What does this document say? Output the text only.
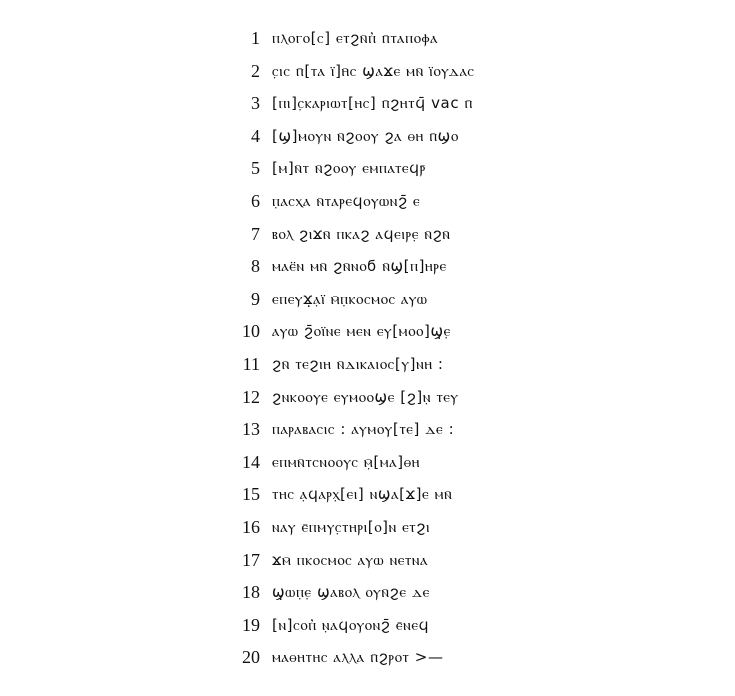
1 ⲡⲗⲟⲅⲟ[ⲥ] ⲉⲧϩⲛ̄ⲡ̓ ⲡ̄ⲧⲁⲡⲟⲫⲁ
2 ⲥ̣ⲓⲥ ⲡ̄[ⲧⲁ ⲓ̈]ⲏ̄ⲥ ϣⲁϫⲉ ⲙⲛ̄ ⲓ̈ⲟⲩⲇⲁⲥ
3 [ⲡⲓ]ⲥ̣ⲕⲁⲣⲓⲱⲧ[ⲏⲥ] ⲡ̄ϩⲏⲧϥ̄ vac ⲡ̄
4 [ϣ]ⲙⲟⲩⲛ ⲛ̄ϩⲟⲟⲩ ϩⲁ ⲑⲏ ⲡ̄ϣⲟ
5 [ⲙ]ⲛ̄ⲧ ⲛ̄ϩⲟⲟⲩ ⲉⲙⲡⲁⲧⲉϥⲣ̄
6 ⲡ̣ⲁⲥⲭⲁ ⲛ̄ⲧⲁⲣⲉϥⲟⲩⲱⲛϩ̄ ⲉ
7 ⲃⲟⲗ ϩⲓϫⲛ̄ ⲡⲕⲁϩ ⲁϥⲉⲓⲣⲉ̣ ⲛ̄ϩⲛ̄
8 ⲙⲁⲉ̈ⲛ ⲙⲛ̄ ϩⲛ̄ⲛⲟϭ ⲛ̄ϣ[ⲡ]ⲏⲣⲉ
9 ⲉⲡⲉⲩϫ̣ⲁ̣ⲓ̈ ⲙ̄ⲡ̣ⲕⲟⲥⲙⲟⲥ ⲁⲩⲱ
10 ⲁⲩⲱ ϩ̄ⲟⲓ̈ⲛⲉ ⲙⲉⲛ ⲉⲩ[ⲙⲟⲟ]ϣ̣ⲉ̣
11 ϩⲛ̄ ⲧⲉϩⲓⲏ ⲛ̄ⲇⲓⲕⲁⲓⲟⲥ[ⲩ]ⲛⲏ :
12 ϩⲛⲕⲟⲟⲩⲉ ⲉⲩⲙⲟⲟϣⲉ [ϩ]ⲛ̣ ⲧⲉⲩ
13 ⲡⲁⲣⲁⲃⲁⲥⲓⲥ : ⲁⲩⲙⲟⲩ̣[ⲧⲉ] ⲇⲉ :
14 ⲉⲡⲙⲛ̄ⲧⲥⲛⲟⲟⲩⲥ ⲙ̣̄[ⲙⲁ]ⲑⲏ
15 ⲧⲏⲥ ⲁ̣ϥⲁⲣⲭ̣[ⲉⲓ] ⲛϣⲁ[ϫ]ⲉ ⲙⲛ̄
16 ⲛⲁⲩ ⲉ̄ⲡⲙⲩⲥ̣ⲧⲏⲣⲓ[ⲟ]ⲛ ⲉⲧϩⲓ
17 ϫⲙ̄ ⲡⲕⲟⲥⲙⲟⲥ ⲁⲩⲱ ⲛⲉⲧⲛⲁ
18 ϣ̣ⲱⲡ̣ⲉ̣ ϣⲁⲃⲟⲗ ⲟⲩⲛ̄ϩⲉ ⲇⲉ
19 [ⲛ]ⲥⲟⲡ̓ ⲛ̣ⲁϥⲟⲩⲟⲛϩ̄ ⲉ̄ⲛⲉϥ
20 ⲙⲁⲑⲏⲧⲏⲥ ⲁⲗⲗⲁ ⲡ̄ϩⲣⲟⲧ >—
